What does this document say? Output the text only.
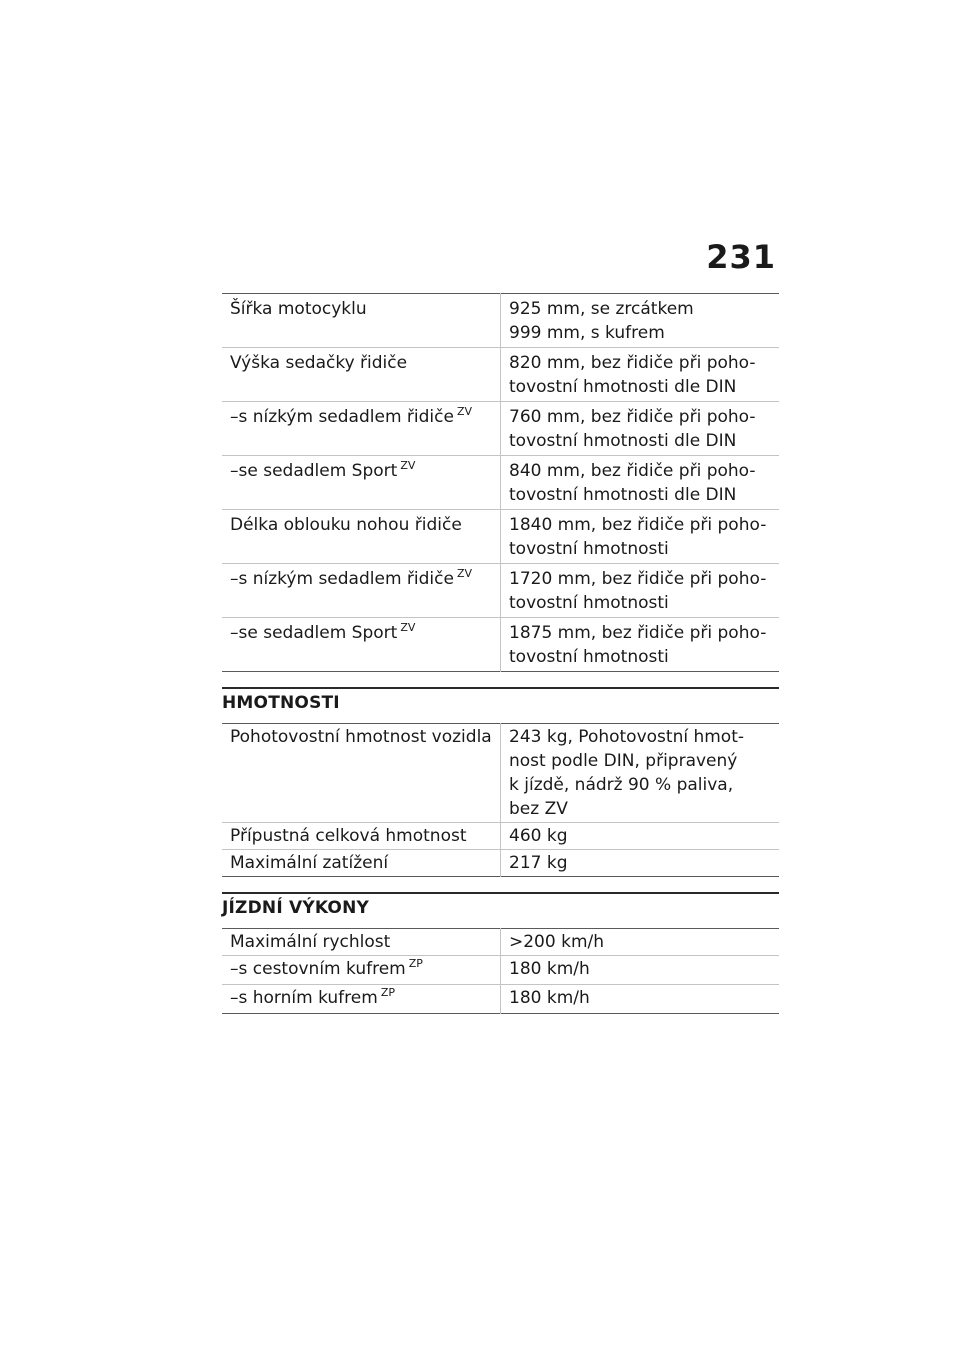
231
Šířka motocyklu	925 mm, se zrcátkem
999 mm, s kufrem

Výška sedačky řidiče	820 mm, bez řidiče při poho-
tovostní hmotnosti dle DIN

–s nízkým sedadlem řidiče $^{ZV}$	760 mm, bez řidiče při poho-
tovostní hmotnosti dle DIN

–se sedadlem Sport $^{ZV}$	840 mm, bez řidiče při poho-
tovostní hmotnosti dle DIN

Délka oblouku nohou řidiče	1840 mm, bez řidiče při poho-
tovostní hmotnosti

–s nízkým sedadlem řidiče $^{ZV}$	1720 mm, bez řidiče při poho-
tovostní hmotnosti

–se sedadlem Sport $^{ZV}$	1875 mm, bez řidiče při poho-
tovostní hmotnosti
HMOTNOSTI
Pohotovostní hmotnost vozidla	243 kg, Pohotovostní hmot-
nost podle DIN, připravený
k jízdě, nádrž 90 % paliva,
bez ZV

Přípustná celková hmotnost	460 kg

Maximální zatížení	217 kg
JÍZDNÍ VÝKONY
Maximální rychlost	>200 km/h

–s cestovním kufrem $^{ZP}$	180 km/h

–s horním kufrem $^{ZP}$	180 km/h
